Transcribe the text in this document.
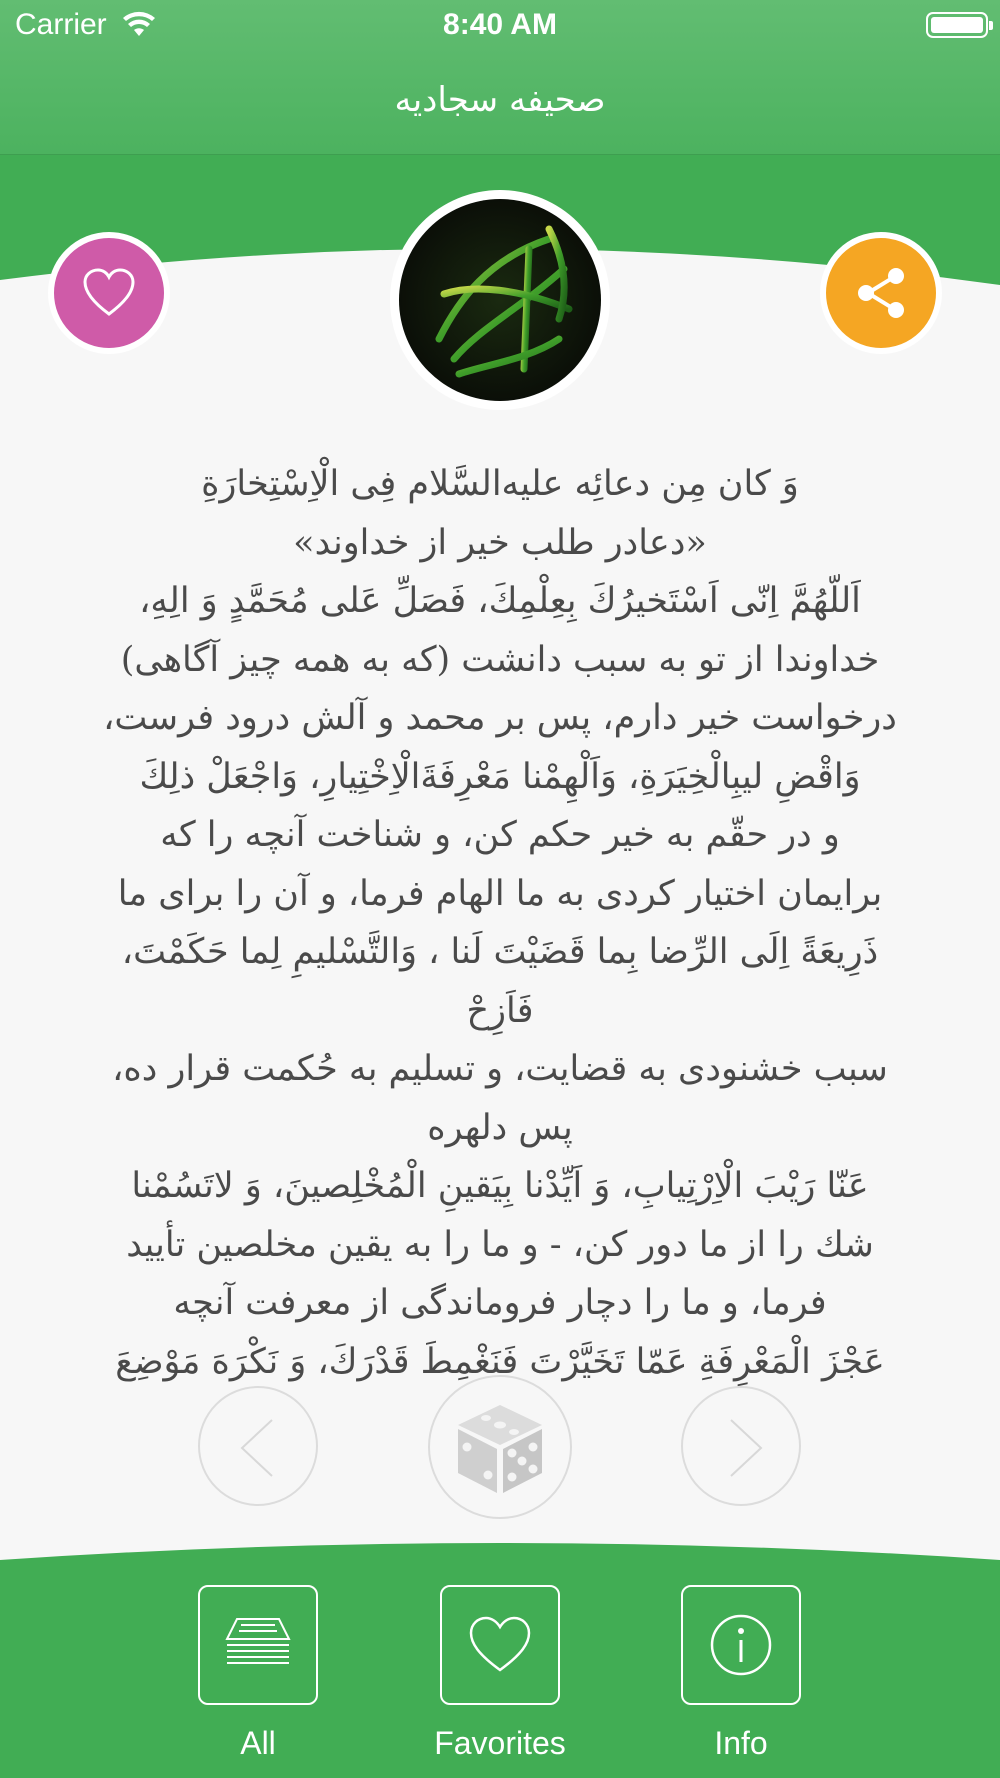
Carrier	8:40 AM
صحیفه سجادیه

وَ كان مِن دعائِه علیه‌السَّلام فِی الْاِسْتِخارَةِ

«دعادر طلب خیر از خداوند»

اَللّهُمَّ اِنّی اَسْتَخیرُكَ بِعِلْمِكَ، فَصَلِّ عَلی مُحَمَّدٍ وَ الِهِ،

خداوندا از تو به سبب دانشت (که به همه چیز آگاهی)

درخواست خیر دارم، پس بر محمد و آلش درود فرست،

وَاقْضِ لیبِالْخِیَرَةِ، وَاَلْهِمْنا مَعْرِفَةَالْاِخْتِیارِ، وَاجْعَلْ ذلِكَ

و در حقّم به خیر حکم کن، و شناخت آنچه را که

برایمان اختیار کردی به ما الهام فرما، و آن را برای ما

ذَرِیعَةً اِلَی الرِّضا بِما قَضَیْتَ لَنا ، وَالتَّسْلیمِ لِما حَكَمْتَ،

فَاَزِحْ

سبب خشنودی به قضایت، و تسلیم به حُکمت قرار ده،

پس دلهره

عَنّا رَیْبَ الْاِرْتِیابِ، وَ اَیِّدْنا بِیَقینِ الْمُخْلِصینَ، وَ لاتَسُمْنا

شك را از ما دور کن، - و ما را به یقین مخلصین تأیید

فرما، و ما را دچار فروماندگی از معرفت آنچه

عَجْزَ الْمَعْرِفَةِ عَمّا تَخَیَّرْتَ فَنَغْمِطَ قَدْرَكَ، وَ نَكْرَهَ مَوْضِعَ

All	Favorites	Info
